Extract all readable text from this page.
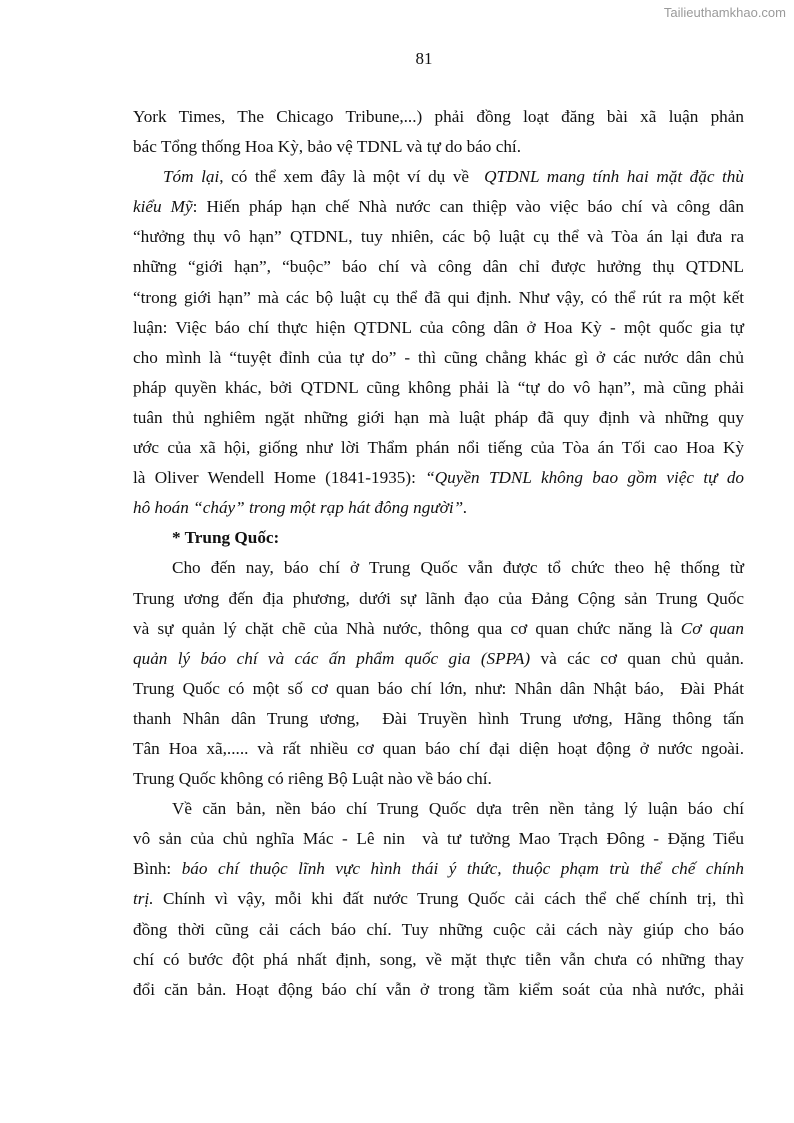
Tailieuthamkhao.com
81
York Times, The Chicago Tribune,...) phải đồng loạt đăng bài xã luận phản
bác Tổng thống Hoa Kỳ, bảo vệ TDNL và tự do báo chí.
Tóm lại, có thể xem đây là một ví dụ về  QTDNL mang tính hai mặt đặc thù
kiểu Mỹ: Hiến pháp hạn chế Nhà nước can thiệp vào việc báo chí và công dân
“hưởng thụ vô hạn” QTDNL, tuy nhiên, các bộ luật cụ thể và Tòa án lại đưa ra
những “giới hạn”, “buộc” báo chí và công dân chỉ được hưởng thụ QTDNL
“trong giới hạn” mà các bộ luật cụ thể đã qui định. Như vậy, có thể rút ra một kết
luận: Việc báo chí thực hiện QTDNL của công dân ở Hoa Kỳ - một quốc gia tự
cho mình là “tuyệt đỉnh của tự do” - thì cũng chẳng khác gì ở các nước dân chủ
pháp quyền khác, bởi QTDNL cũng không phải là “tự do vô hạn”, mà cũng phải
tuân thủ nghiêm ngặt những giới hạn mà luật pháp đã quy định và những quy
ước của xã hội, giống như lời Thẩm phán nổi tiếng của Tòa án Tối cao Hoa Kỳ
là Oliver Wendell Home (1841-1935): “Quyền TDNL không bao gồm việc tự do
hô hoán “cháy” trong một rạp hát đông người”.
* Trung Quốc:
Cho đến nay, báo chí ở Trung Quốc vẫn được tổ chức theo hệ thống từ
Trung ương đến địa phương, dưới sự lãnh đạo của Đảng Cộng sản Trung Quốc
và sự quản lý chặt chẽ của Nhà nước, thông qua cơ quan chức năng là Cơ quan
quản lý báo chí và các ấn phẩm quốc gia (SPPA) và các cơ quan chủ quản.
Trung Quốc có một số cơ quan báo chí lớn, như: Nhân dân Nhật báo,  Đài Phát
thanh Nhân dân Trung ương,  Đài Truyền hình Trung ương, Hãng thông tấn
Tân Hoa xã,..... và rất nhiều cơ quan báo chí đại diện hoạt động ở nước ngoài.
Trung Quốc không có riêng Bộ Luật nào về báo chí.
Về căn bản, nền báo chí Trung Quốc dựa trên nền tảng lý luận báo chí
vô sản của chủ nghĩa Mác - Lê nin  và tư tưởng Mao Trạch Đông - Đặng Tiểu
Bình: báo chí thuộc lĩnh vực hình thái ý thức, thuộc phạm trù thể chế chính
trị. Chính vì vậy, mỗi khi đất nước Trung Quốc cải cách thể chế chính trị, thì
đồng thời cũng cải cách báo chí. Tuy những cuộc cải cách này giúp cho báo
chí có bước đột phá nhất định, song, về mặt thực tiễn vẫn chưa có những thay
đổi căn bản. Hoạt động báo chí vẫn ở trong tầm kiểm soát của nhà nước, phải
